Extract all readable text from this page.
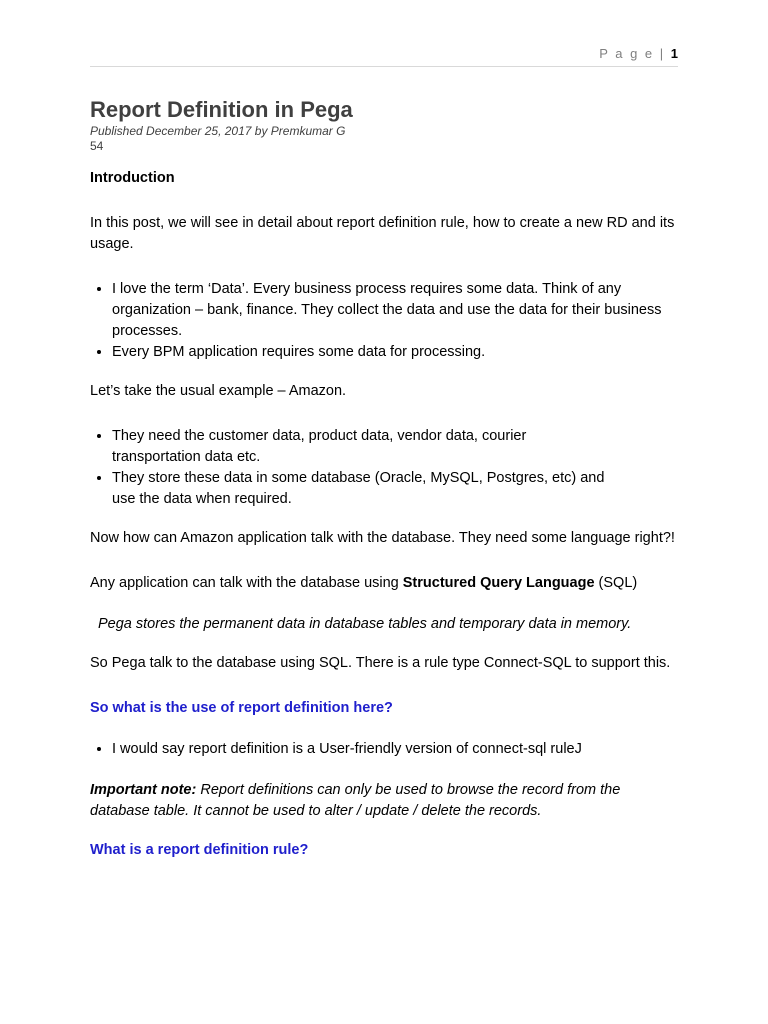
P a g e | 1
Report Definition in Pega

Published December 25, 2017 by Premkumar G

54

Introduction

In this post, we will see in detail about report definition rule, how to create a new RD and its usage.

• I love the term ‘Data’. Every business process requires some data. Think of any organization – bank, finance. They collect the data and use the data for their business processes.
• Every BPM application requires some data for processing.

Let’s take the usual example – Amazon.

• They need the customer data, product data, vendor data, courier transportation data etc.
• They store these data in some database (Oracle, MySQL, Postgres, etc) and use the data when required.

Now how can Amazon application talk with the database. They need some language right?!

Any application can talk with the database using Structured Query Language (SQL)

Pega stores the permanent data in database tables and temporary data in memory.

So Pega talk to the database using SQL. There is a rule type Connect-SQL to support this.

So what is the use of report definition here?

• I would say report definition is a User-friendly version of connect-sql ruleJ

Important note: Report definitions can only be used to browse the record from the database table. It cannot be used to alter / update / delete the records.

What is a report definition rule?
